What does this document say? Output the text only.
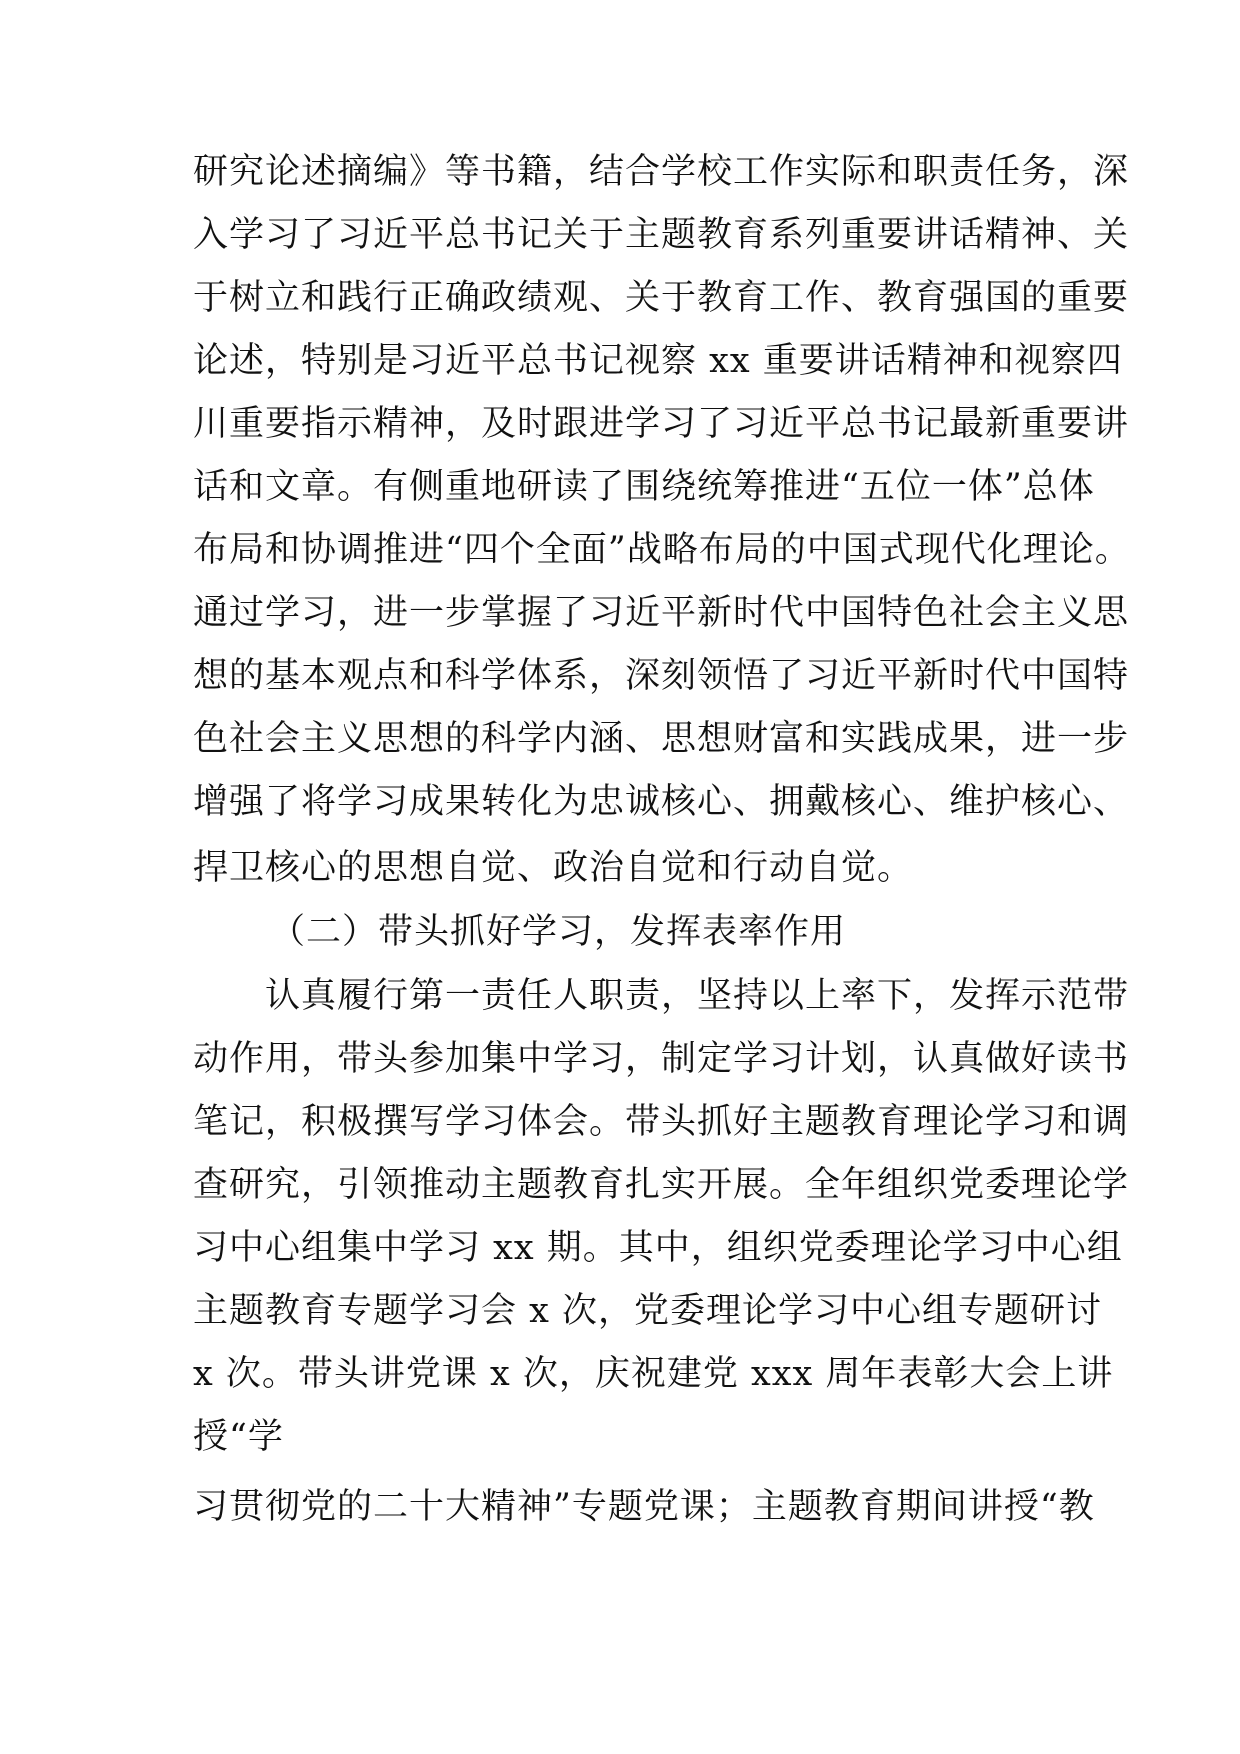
研究论述摘编》等书籍，结合学校工作实际和职责任务，深
入学习了习近平总书记关于主题教育系列重要讲话精神、关
于树立和践行正确政绩观、关于教育工作、教育强国的重要
论述，特别是习近平总书记视察 xx 重要讲话精神和视察四
川重要指示精神，及时跟进学习了习近平总书记最新重要讲
话和文章。有侧重地研读了围绕统筹推进“五位一体”总体
布局和协调推进“四个全面”战略布局的中国式现代化理论。
通过学习，进一步掌握了习近平新时代中国特色社会主义思
想的基本观点和科学体系，深刻领悟了习近平新时代中国特
色社会主义思想的科学内涵、思想财富和实践成果，进一步
增强了将学习成果转化为忠诚核心、拥戴核心、维护核心、
捍卫核心的思想自觉、政治自觉和行动自觉。
（二）带头抓好学习，发挥表率作用
认真履行第一责任人职责，坚持以上率下，发挥示范带
动作用，带头参加集中学习，制定学习计划，认真做好读书
笔记，积极撰写学习体会。带头抓好主题教育理论学习和调
查研究，引领推动主题教育扎实开展。全年组织党委理论学
习中心组集中学习 xx 期。其中，组织党委理论学习中心组
主题教育专题学习会 x 次，党委理论学习中心组专题研讨
x 次。带头讲党课 x 次，庆祝建党 xxx 周年表彰大会上讲
授“学
习贯彻党的二十大精神”专题党课；主题教育期间讲授“教
